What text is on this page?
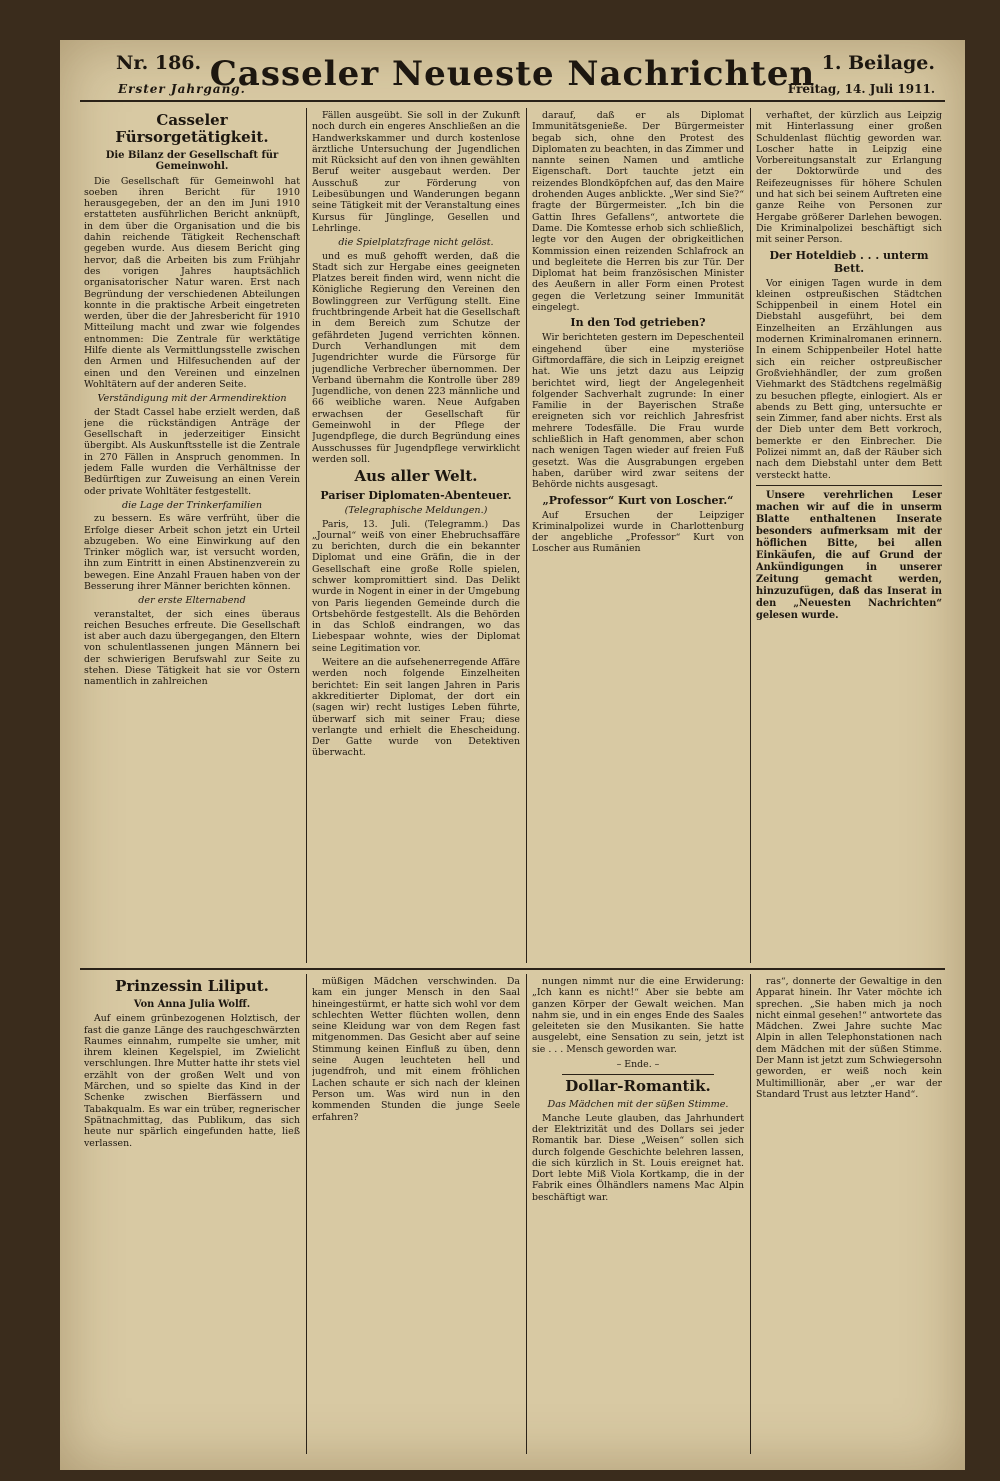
Nr. 186.
Erster Jahrgang.
Casseler Neueste Nachrichten 1. Beilage.
Freitag, 14. Juli 1911.
Casseler Fürsorgetätigkeit.
Die Bilanz der Gesellschaft für Gemeinwohl.

Die Gesellschaft für Gemeinwohl hat soeben ihren Bericht für 1910 herausgegeben, der an den im Juni 1910 erstatteten ausführlichen Bericht anknüpft, in dem über die Organisation und die bis dahin reichende Tätigkeit Rechenschaft gegeben wurde. Aus diesem Bericht ging hervor, daß die Arbeiten bis zum Frühjahr des vorigen Jahres hauptsächlich organisatorischer Natur waren. Erst nach Begründung der verschiedenen Abteilungen konnte in die praktische Arbeit eingetreten werden, über die der Jahresbericht für 1910 Mitteilung macht und zwar wie folgendes entnommen: Die Zentrale für werktätige Hilfe diente als Vermittlungsstelle zwischen den Armen und Hilfesuchenden auf der einen und den Vereinen und einzelnen Wohltätern auf der anderen Seite.

Verständigung mit der Armendirektion

der Stadt Cassel habe erzielt werden, daß jene die rückständigen Anträge der Gesellschaft in jederzeitiger Einsicht übergibt. Als Auskunftsstelle ist die Zentrale in 270 Fällen in Anspruch genommen. In jedem Falle wurden die Verhältnisse der Bedürftigen zur Zuweisung an einen Verein oder private Wohltäter festgestellt.

die Lage der Trinkerfamilien

zu bessern. Es wäre verfrüht, über die Erfolge dieser Arbeit schon jetzt ein Urteil abzugeben. Wo eine Einwirkung auf den Trinker möglich war, ist versucht worden, ihn zum Eintritt in einen Abstinenzverein zu bewegen. Eine Anzahl Frauen haben von der Besserung ihrer Männer berichten können.

der erste Elternabend

veranstaltet, der sich eines überaus reichen Besuches erfreute. Die Gesellschaft ist aber auch dazu übergegangen, den Eltern von schulentlassenen jungen Männern bei der schwierigen Berufswahl zur Seite zu stehen. Diese Tätigkeit hat sie vor Ostern namentlich in zahlreichen

Fällen ausgeübt. Sie soll in der Zukunft noch durch ein engeres Anschließen an die Handwerkskammer und durch kostenlose ärztliche Untersuchung der Jugendlichen mit Rücksicht auf den von ihnen gewählten Beruf weiter ausgebaut werden. Der Ausschuß zur Förderung von Leibesübungen und Wanderungen begann seine Tätigkeit mit der Veranstaltung eines Kursus für Jünglinge, Gesellen und Lehrlinge.

die Spielplatzfrage nicht gelöst.

und es muß gehofft werden, daß die Stadt sich zur Hergabe eines geeigneten Platzes bereit finden wird, wenn nicht die Königliche Regierung den Vereinen den Bowlinggreen zur Verfügung stellt. Eine fruchtbringende Arbeit hat die Gesellschaft in dem Bereich zum Schutze der gefährdeten Jugend verrichten können. Durch Verhandlungen mit dem Jugendrichter wurde die Fürsorge für jugendliche Verbrecher übernommen. Der Verband übernahm die Kontrolle über 289 Jugendliche, von denen 223 männliche und 66 weibliche waren. Neue Aufgaben erwachsen der Gesellschaft für Gemeinwohl in der Pflege der Jugendpflege, die durch Begründung eines Ausschusses für Jugendpflege verwirklicht werden soll.

Aus aller Welt.
Pariser Diplomaten-Abenteuer.
(Telegraphische Meldungen.)

Paris, 13. Juli. (Telegramm.) Das „Journal“ weiß von einer Ehebruchsaffäre zu berichten, durch die ein bekannter Diplomat und eine Gräfin, die in der Gesellschaft eine große Rolle spielen, schwer kompromittiert sind. Das Delikt wurde in Nogent in einer in der Umgebung von Paris liegenden Gemeinde durch die Ortsbehörde festgestellt. Als die Behörden in das Schloß eindrangen, wo das Liebespaar wohnte, wies der Diplomat seine Legitimation vor.

Weitere an die aufsehenerregende Affäre werden noch folgende Einzelheiten berichtet: Ein seit langen Jahren in Paris akkreditierter Diplomat, der dort ein (sagen wir) recht lustiges Leben führte, überwarf sich mit seiner Frau; diese verlangte und erhielt die Ehescheidung. Der Gatte wurde von Detektiven überwacht.

darauf, daß er als Diplomat Immunitätsgenieße. Der Bürgermeister begab sich, ohne den Protest des Diplomaten zu beachten, in das Zimmer und nannte seinen Namen und amtliche Eigenschaft. Dort tauchte jetzt ein reizendes Blondköpfchen auf, das den Maire drohenden Auges anblickte. „Wer sind Sie?“ fragte der Bürgermeister. „Ich bin die Gattin Ihres Gefallens“, antwortete die Dame. Die Komtesse erhob sich schließlich, legte vor den Augen der obrigkeitlichen Kommission einen reizenden Schlafrock an und begleitete die Herren bis zur Tür. Der Diplomat hat beim französischen Minister des Aeußern in aller Form einen Protest gegen die Verletzung seiner Immunität eingelegt.

In den Tod getrieben?

Wir berichteten gestern im Depeschenteil eingehend über eine mysteriöse Giftmordaffäre, die sich in Leipzig ereignet hat. Wie uns jetzt dazu aus Leipzig berichtet wird, liegt der Angelegenheit folgender Sachverhalt zugrunde: In einer Familie in der Bayerischen Straße ereigneten sich vor reichlich Jahresfrist mehrere Todesfälle. Die Frau wurde schließlich in Haft genommen, aber schon nach wenigen Tagen wieder auf freien Fuß gesetzt. Was die Ausgrabungen ergeben haben, darüber wird zwar seitens der Behörde nichts ausgesagt.

„Professor“ Kurt von Loscher.“

Auf Ersuchen der Leipziger Kriminalpolizei wurde in Charlottenburg der angebliche „Professor“ Kurt von Loscher aus Rumänien

verhaftet, der kürzlich aus Leipzig mit Hinterlassung einer großen Schuldenlast flüchtig geworden war. Loscher hatte in Leipzig eine Vorbereitungsanstalt zur Erlangung der Doktorwürde und des Reifezeugnisses für höhere Schulen und hat sich bei seinem Auftreten eine ganze Reihe von Personen zur Hergabe größerer Darlehen bewogen. Die Kriminalpolizei beschäftigt sich mit seiner Person.

Der Hoteldieb . . . unterm Bett.

Vor einigen Tagen wurde in dem kleinen ostpreußischen Städtchen Schippenbeil in einem Hotel ein Diebstahl ausgeführt, bei dem Einzelheiten an Erzählungen aus modernen Kriminalromanen erinnern. In einem Schippenbeiler Hotel hatte sich ein reicher ostpreußischer Großviehhändler, der zum großen Viehmarkt des Städtchens regelmäßig zu besuchen pflegte, einlogiert. Als er abends zu Bett ging, untersuchte er sein Zimmer, fand aber nichts. Erst als der Dieb unter dem Bett vorkroch, bemerkte er den Einbrecher. Die Polizei nimmt an, daß der Räuber sich nach dem Diebstahl unter dem Bett versteckt hatte.

Unsere verehrlichen Leser machen wir auf die in unserm Blatte enthaltenen Inserate besonders aufmerksam mit der höflichen Bitte, bei allen Einkäufen, die auf Grund der Ankündigungen in unserer Zeitung gemacht werden, hinzuzufügen, daß das Inserat in den „Neuesten Nachrichten“ gelesen wurde.

Prinzessin Liliput.
Von Anna Julia Wolff.

Auf einem grünbezogenen Holztisch, der fast die ganze Länge des rauchgeschwärzten Raumes einnahm, rumpelte sie umher, mit ihrem kleinen Kegelspiel, im Zwielicht verschlungen. Ihre Mutter hatte ihr stets viel erzählt von der großen Welt und von Märchen, und so spielte das Kind in der Schenke zwischen Bierfässern und Tabakqualm. Es war ein trüber, regnerischer Spätnachmittag, das Publikum, das sich heute nur spärlich eingefunden hatte, ließ verlassen.

müßigen Mädchen verschwinden. Da kam ein junger Mensch in den Saal hineingestürmt, er hatte sich wohl vor dem schlechten Wetter flüchten wollen, denn seine Kleidung war von dem Regen fast mitgenommen. Das Gesicht aber auf seine Stimmung keinen Einfluß zu üben, denn seine Augen leuchteten hell und jugendfroh, und mit einem fröhlichen Lachen schaute er sich nach der kleinen Person um. Was wird nun in den kommenden Stunden die junge Seele erfahren?

nungen nimmt nur die eine Erwiderung: „Ich kann es nicht!“ Aber sie bebte am ganzen Körper der Gewalt weichen. Man nahm sie, und in ein enges Ende des Saales geleiteten sie den Musikanten. Sie hatte ausgelebt, eine Sensation zu sein, jetzt ist sie . . . Mensch geworden war.

– Ende. –
Dollar-Romantik.
Das Mädchen mit der süßen Stimme.

Manche Leute glauben, das Jahrhundert der Elektrizität und des Dollars sei jeder Romantik bar. Diese „Weisen“ sollen sich durch folgende Geschichte belehren lassen, die sich kürzlich in St. Louis ereignet hat. Dort lebte Miß Viola Kortkamp, die in der Fabrik eines Ölhändlers namens Mac Alpin beschäftigt war.

ras“, donnerte der Gewaltige in den Apparat hinein. Ihr Vater möchte ich sprechen. „Sie haben mich ja noch nicht einmal gesehen!“ antwortete das Mädchen. Zwei Jahre suchte Mac Alpin in allen Telephonstationen nach dem Mädchen mit der süßen Stimme. Der Mann ist jetzt zum Schwiegersohn geworden, er weiß noch kein Multimillionär, aber „er war der Standard Trust aus letzter Hand“.
